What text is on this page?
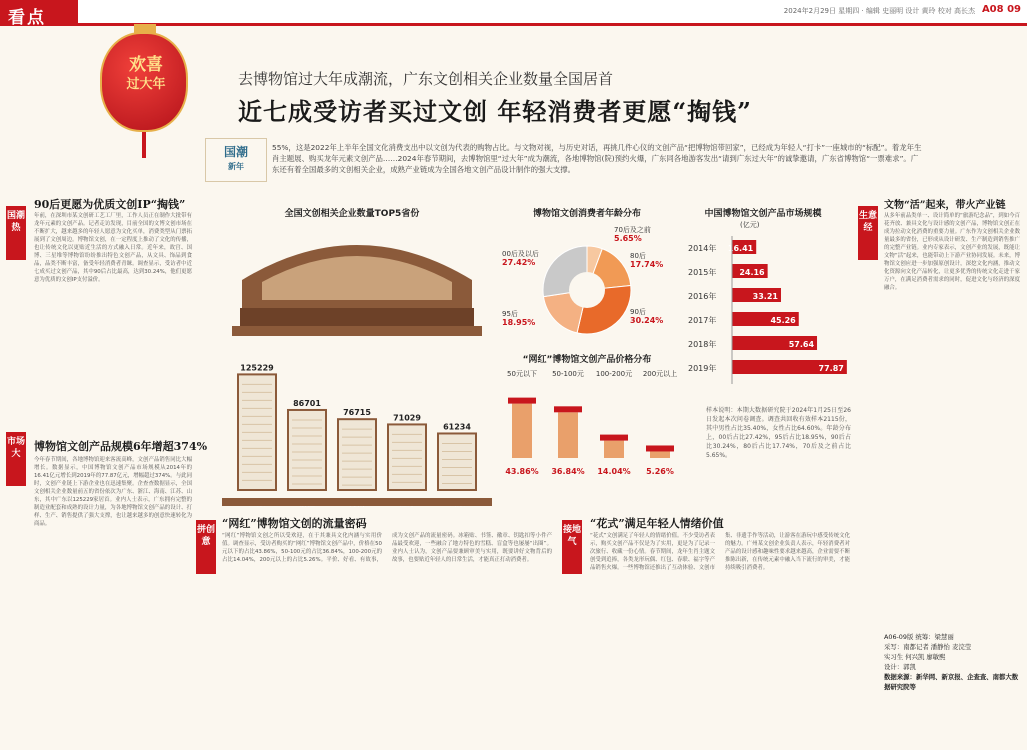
看点	2024年2月29日 星期四 · 编辑 史丽明 设计 黄玲 校对 高长杰 A08 09
欢喜
过大年	去博物馆过大年成潮流，广东文创相关企业数量全国居首
近七成受访者买过文创 年轻消费者更愿“掏钱”
国潮
新年
55%，这是2022年上半年全国文化消费支出中以文创为代表的购物占比。与文物对视，与历史对话，再挑几件心仪的文创产品“把博物馆带回家”，已经成为年轻人“打卡”一座城市的“标配”。着龙年生肖主题展、购买龙年元素文创产品……2024年春节期间，去博物馆里“过大年”成为潮流，各地博物馆(院)预约火爆，广东同各地游客发出“请到广东过大年”的诚挚邀请，广东省博物馆“一票难求”。广东还有着全国最多的文创相关企业，成熟产业链成为全国各地文创产品设计制作的强大支撑。
国潮热
市场大
拼创意
接地气
生意经
90后更愿为优质文创IP“掏钱”
年前，在深圳市某文创研工艺工厂里，工作人员正在制作大批带有龙年元素的文创产品。记者走访发现，目前全国的文博文创市场在不断扩大，越来越多的年轻人愿意为文化买单，消费类型从门票拓展到了文创周边。博物馆文创，在一定程度上推动了文化的传播，也让传统文化以更贴近生活的方式融入日常。近年来，故宫、国博、三星堆等博物馆纷纷推出特色文创产品，从文具、饰品到食品，品类不断丰富，备受年轻消费者青睐。调查显示，受访者中近七成买过文创产品，其中90后占比最高，达到30.24%，他们更愿意为优质的文创IP支付溢价。
博物馆文创产品规模6年增超374%
今年春节期间，各地博物馆迎来客流高峰，文创产品销售同比大幅增长。数据显示，中国博物馆文创产品市场规模从2014年的16.41亿元增长到2019年的77.87亿元，增幅超过374%。与此同时，文创产业链上下游企业也在迅速集聚。企查查数据显示，全国文创相关企业数量前五的省份依次为广东、浙江、海南、江苏、山东，其中广东以125229家居首。业内人士表示，广东拥有完整的制造业配套和成熟的设计力量，为各地博物馆文创产品的设计、打样、生产、销售提供了强大支撑，也让越来越多的创意快速转化为商品。
全国文创相关企业数量TOP5省份
125229
86701
76715
71029
61234
博物馆文创消费者年龄分布
70后及之前
5.65%
80后
17.74%
90后
30.24%
95后
18.95%
00后及以后
27.42%
“网红”博物馆文创产品价格分布
50元以下
43.86%
50-100元
36.84%
100-200元
14.04%
200元以上
5.26%
中国博物馆文创产品市场规模
(亿元)
2014年 16.41
2015年	24.16
2016年	33.21
2017年	45.26
2018年	57.64
2019年	77.87
样本说明：本期大数据研究院于2024年1月25日至26日发起本次问卷调查。调查共回收有效样本2115份，其中男性占比35.40%，女性占比64.60%。年龄分布上，00后占比27.42%，95后占比18.95%，90后占比30.24%，80后占比17.74%，70后及之前占比5.65%。
“网红”博物馆文创的流量密码
“网红”博物馆文创之所以受欢迎，在于其兼具文化内涵与实用价值。调查显示，受访者购买的“网红”博物馆文创产品中，价格在50元以下的占比43.86%，50-100元的占比36.84%，100-200元的占比14.04%，200元以上的占比5.26%。平价、好看、有故事，成为文创产品的流量密码。冰箱贴、书签、徽章、钥匙扣等小件产品最受欢迎，一些融合了地方特色的雪糕、盲盒等也屡屡“出圈”。业内人士认为，文创产品要兼顾审美与实用，既要讲好文物背后的故事，也要贴近年轻人的日常生活，才能真正打动消费者。
“花式”满足年轻人情绪价值
“花式”文创满足了年轻人的情绪价值。不少受访者表示，购买文创产品不仅是为了实用，更是为了记录一次旅行、收藏一份心情。春节期间，龙年生肖主题文创受到追捧，各类龙形玩偶、红包、春联、福字等产品销售火爆。一些博物馆还推出了互动体验、文创市集、非遗手作等活动，让游客在游玩中感受传统文化的魅力。广州某文创企业负责人表示，年轻消费者对产品的设计感和趣味性要求越来越高，企业需要不断推陈出新，在传统元素中融入当下流行的审美，才能持续吸引消费者。
文物“活”起来，带火产业链
从多年前品类单一、设计简单的“旅游纪念品”，到如今百花齐放、兼具文化与设计感的文创产品，博物馆文创正在成为拉动文化消费的重要力量。广东作为文创相关企业数量最多的省份，已形成从设计研发、生产制造到销售推广的完整产业链。业内专家表示，文创产业的发展，既能让文物“活”起来，也能带动上下游产业协同发展。未来，博物馆文创应进一步加强原创设计，深挖文化内涵，推动文化资源向文化产品转化，让更多优秀的传统文化走进千家万户，在满足消费者需求的同时，促进文化与经济的深度融合。
A06-09版 统筹：梁慧丽
采写：南都记者 潘静怡 麦浣莹
实习生 何兴凯 廖敏熙
设计：郭凯
数据来源：新华网、新京报、企查查、南都大数据研究院等
